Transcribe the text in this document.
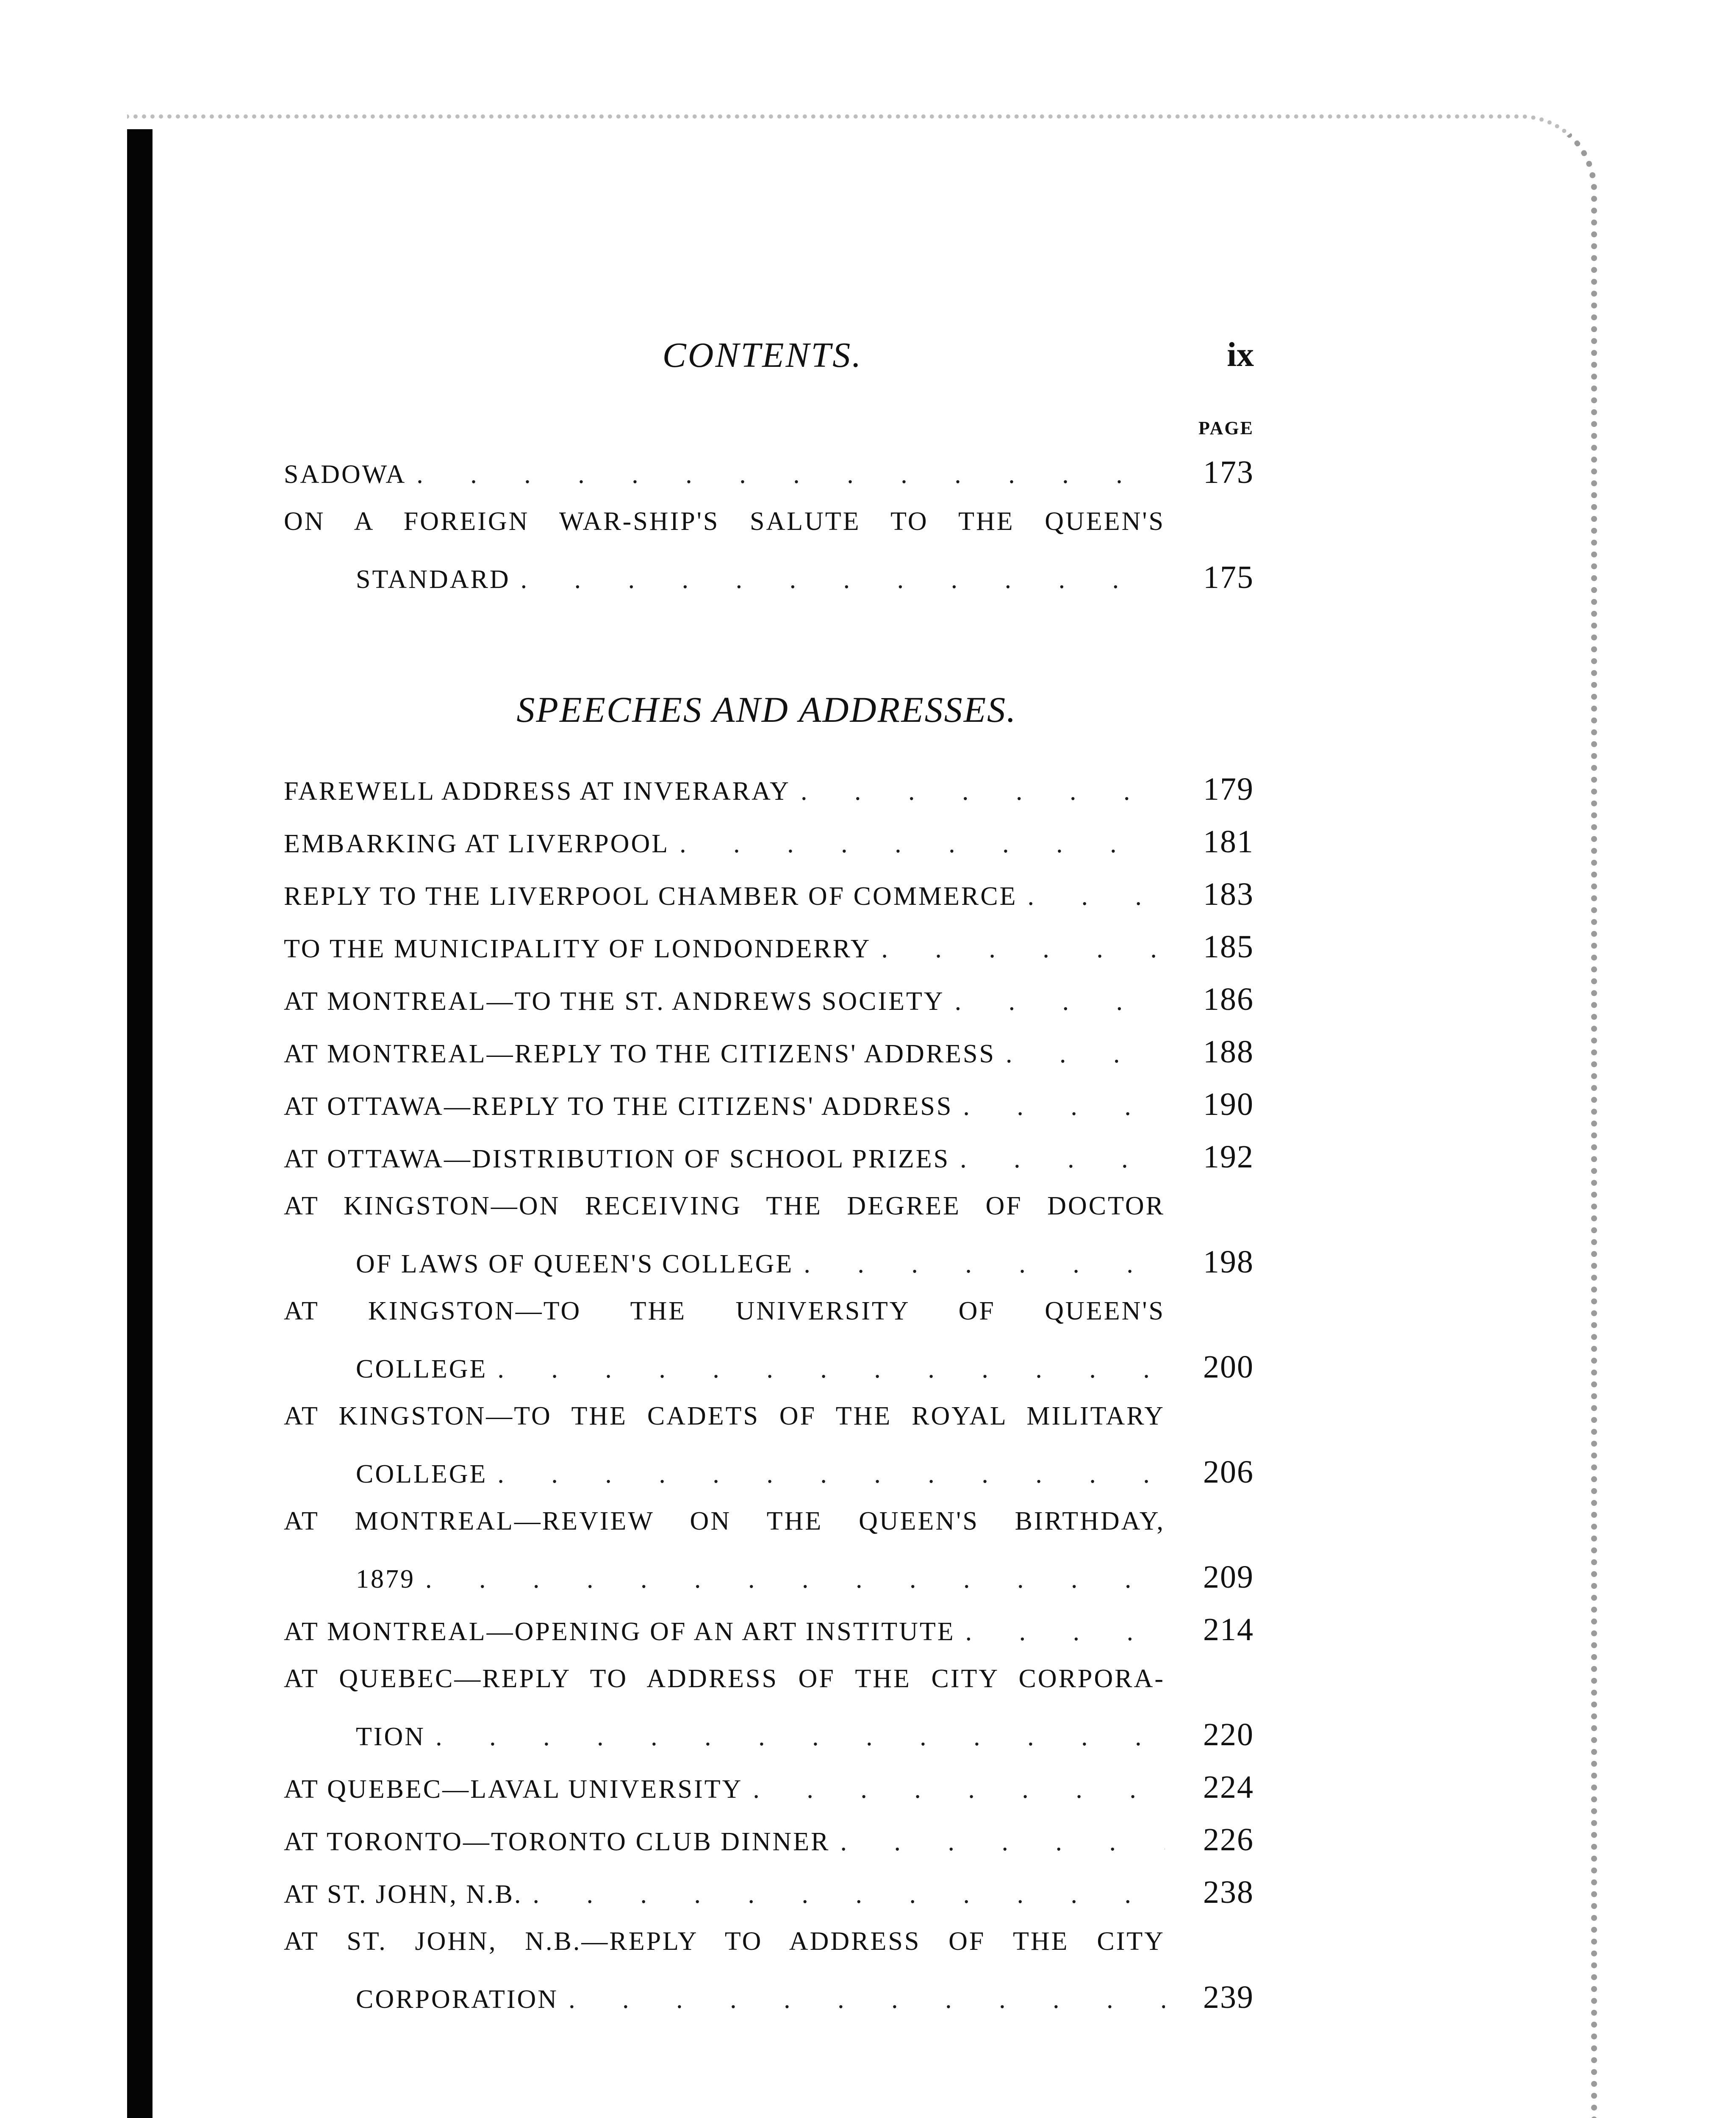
CONTENTS.	ix
PAGE
SADOWA . . .	173
ON A FOREIGN WAR-SHIP'S SALUTE TO THE QUEEN'S
STANDARD . . .	175
SPEECHES AND ADDRESSES.
FAREWELL ADDRESS AT INVERARAY . . .	179
EMBARKING AT LIVERPOOL . . .	181
REPLY TO THE LIVERPOOL CHAMBER OF COMMERCE . . .	183
TO THE MUNICIPALITY OF LONDONDERRY . . .	185
AT MONTREAL—TO THE ST. ANDREWS SOCIETY . . .	186
AT MONTREAL—REPLY TO THE CITIZENS' ADDRESS . . .	188
AT OTTAWA—REPLY TO THE CITIZENS' ADDRESS . . .	190
AT OTTAWA—DISTRIBUTION OF SCHOOL PRIZES . . .	192
AT KINGSTON—ON RECEIVING THE DEGREE OF DOCTOR
OF LAWS OF QUEEN'S COLLEGE . . .	198
AT KINGSTON—TO THE UNIVERSITY OF QUEEN'S
COLLEGE . . .	200
AT KINGSTON—TO THE CADETS OF THE ROYAL MILITARY
COLLEGE . . .	206
AT MONTREAL—REVIEW ON THE QUEEN'S BIRTHDAY,
1879 . . .	209
AT MONTREAL—OPENING OF AN ART INSTITUTE . . .	214
AT QUEBEC—REPLY TO ADDRESS OF THE CITY CORPORA-
TION . . .	220
AT QUEBEC—LAVAL UNIVERSITY . . .	224
AT TORONTO—TORONTO CLUB DINNER . . .	226
AT ST. JOHN, N.B. . . .	238
AT ST. JOHN, N.B.—REPLY TO ADDRESS OF THE CITY
CORPORATION . . .	239
